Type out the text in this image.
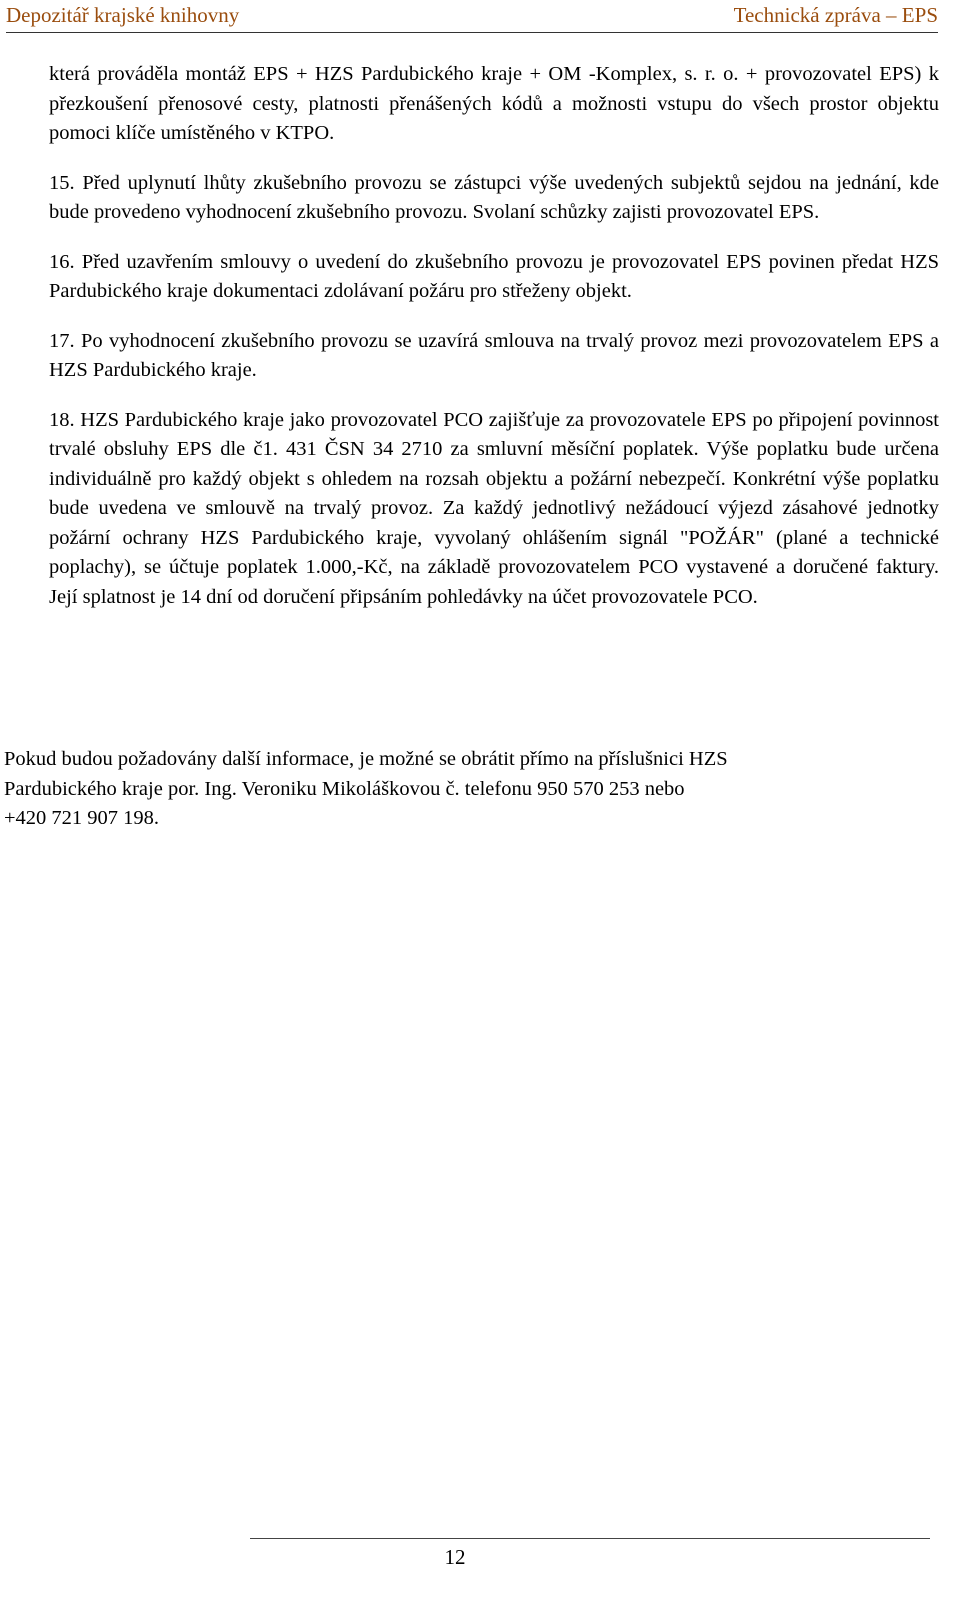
Depozitář krajské knihovny	Technická zpráva – EPS

která prováděla montáž EPS + HZS Pardubického kraje + OM -Komplex, s. r. o. + provozovatel EPS) k přezkoušení přenosové cesty, platnosti přenášených kódů a možnosti vstupu do všech prostor objektu pomoci klíče umístěného v KTPO.

15. Před uplynutí lhůty zkušebního provozu se zástupci výše uvedených subjektů sejdou na jednání, kde bude provedeno vyhodnocení zkušebního provozu. Svolaní schůzky zajisti provozovatel EPS.

16. Před uzavřením smlouvy o uvedení do zkušebního provozu je provozovatel EPS povinen předat HZS Pardubického kraje dokumentaci zdolávaní požáru pro střeženy objekt.

17. Po vyhodnocení zkušebního provozu se uzavírá smlouva na trvalý provoz mezi provozovatelem EPS a HZS Pardubického kraje.

18. HZS Pardubického kraje jako provozovatel PCO zajišťuje za provozovatele EPS po připojení povinnost trvalé obsluhy EPS dle č1. 431 ČSN 34 2710 za smluvní měsíční poplatek. Výše poplatku bude určena individuálně pro každý objekt s ohledem na rozsah objektu a požární nebezpečí. Konkrétní výše poplatku bude uvedena ve smlouvě na trvalý provoz. Za každý jednotlivý nežádoucí výjezd zásahové jednotky požární ochrany HZS Pardubického kraje, vyvolaný ohlášením signál "POŽÁR" (plané a technické poplachy), se účtuje poplatek 1.000,-Kč, na základě provozovatelem PCO vystavené a doručené faktury. Její splatnost je 14 dní od doručení připsáním pohledávky na účet provozovatele PCO.

Pokud budou požadovány další informace, je možné se obrátit přímo na příslušnici HZS

Pardubického kraje por. Ing. Veroniku Mikoláškovou č. telefonu 950 570 253 nebo

+420 721 907 198.

12
